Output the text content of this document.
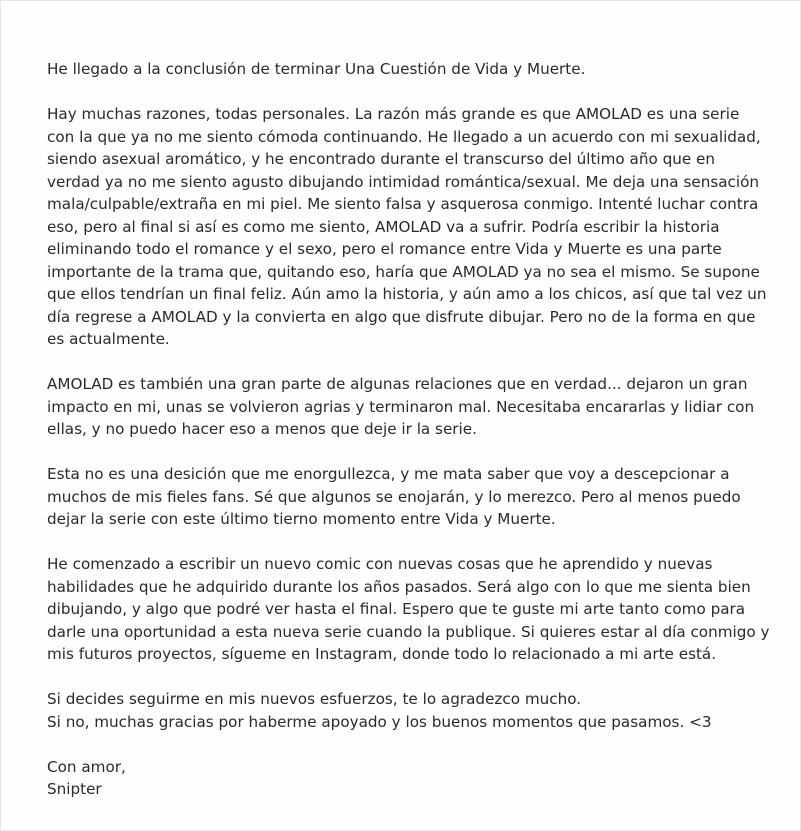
He llegado a la conclusión de terminar Una Cuestión de Vida y Muerte.
Hay muchas razones, todas personales. La razón más grande es que AMOLAD es una serie
con la que ya no me siento cómoda continuando. He llegado a un acuerdo con mi sexualidad,
siendo asexual aromático, y he encontrado durante el transcurso del último año que en
verdad ya no me siento agusto dibujando intimidad romántica/sexual. Me deja una sensación
mala/culpable/extraña en mi piel. Me siento falsa y asquerosa conmigo. Intenté luchar contra
eso, pero al final si así es como me siento, AMOLAD va a sufrir. Podría escribir la historia
eliminando todo el romance y el sexo, pero el romance entre Vida y Muerte es una parte
importante de la trama que, quitando eso, haría que AMOLAD ya no sea el mismo. Se supone
que ellos tendrían un final feliz. Aún amo la historia, y aún amo a los chicos, así que tal vez un
día regrese a AMOLAD y la convierta en algo que disfrute dibujar. Pero no de la forma en que
es actualmente.
AMOLAD es también una gran parte de algunas relaciones que en verdad... dejaron un gran
impacto en mi, unas se volvieron agrias y terminaron mal. Necesitaba encararlas y lidiar con
ellas, y no puedo hacer eso a menos que deje ir la serie.
Esta no es una desición que me enorgullezca, y me mata saber que voy a descepcionar a
muchos de mis fieles fans. Sé que algunos se enojarán, y lo merezco. Pero al menos puedo
dejar la serie con este último tierno momento entre Vida y Muerte.
He comenzado a escribir un nuevo comic con nuevas cosas que he aprendido y nuevas
habilidades que he adquirido durante los años pasados. Será algo con lo que me sienta bien
dibujando, y algo que podré ver hasta el final. Espero que te guste mi arte tanto como para
darle una oportunidad a esta nueva serie cuando la publique. Si quieres estar al día conmigo y
mis futuros proyectos, sígueme en Instagram, donde todo lo relacionado a mi arte está.
Si decides seguirme en mis nuevos esfuerzos, te lo agradezco mucho.
Si no, muchas gracias por haberme apoyado y los buenos momentos que pasamos. <3
Con amor,
Snipter
